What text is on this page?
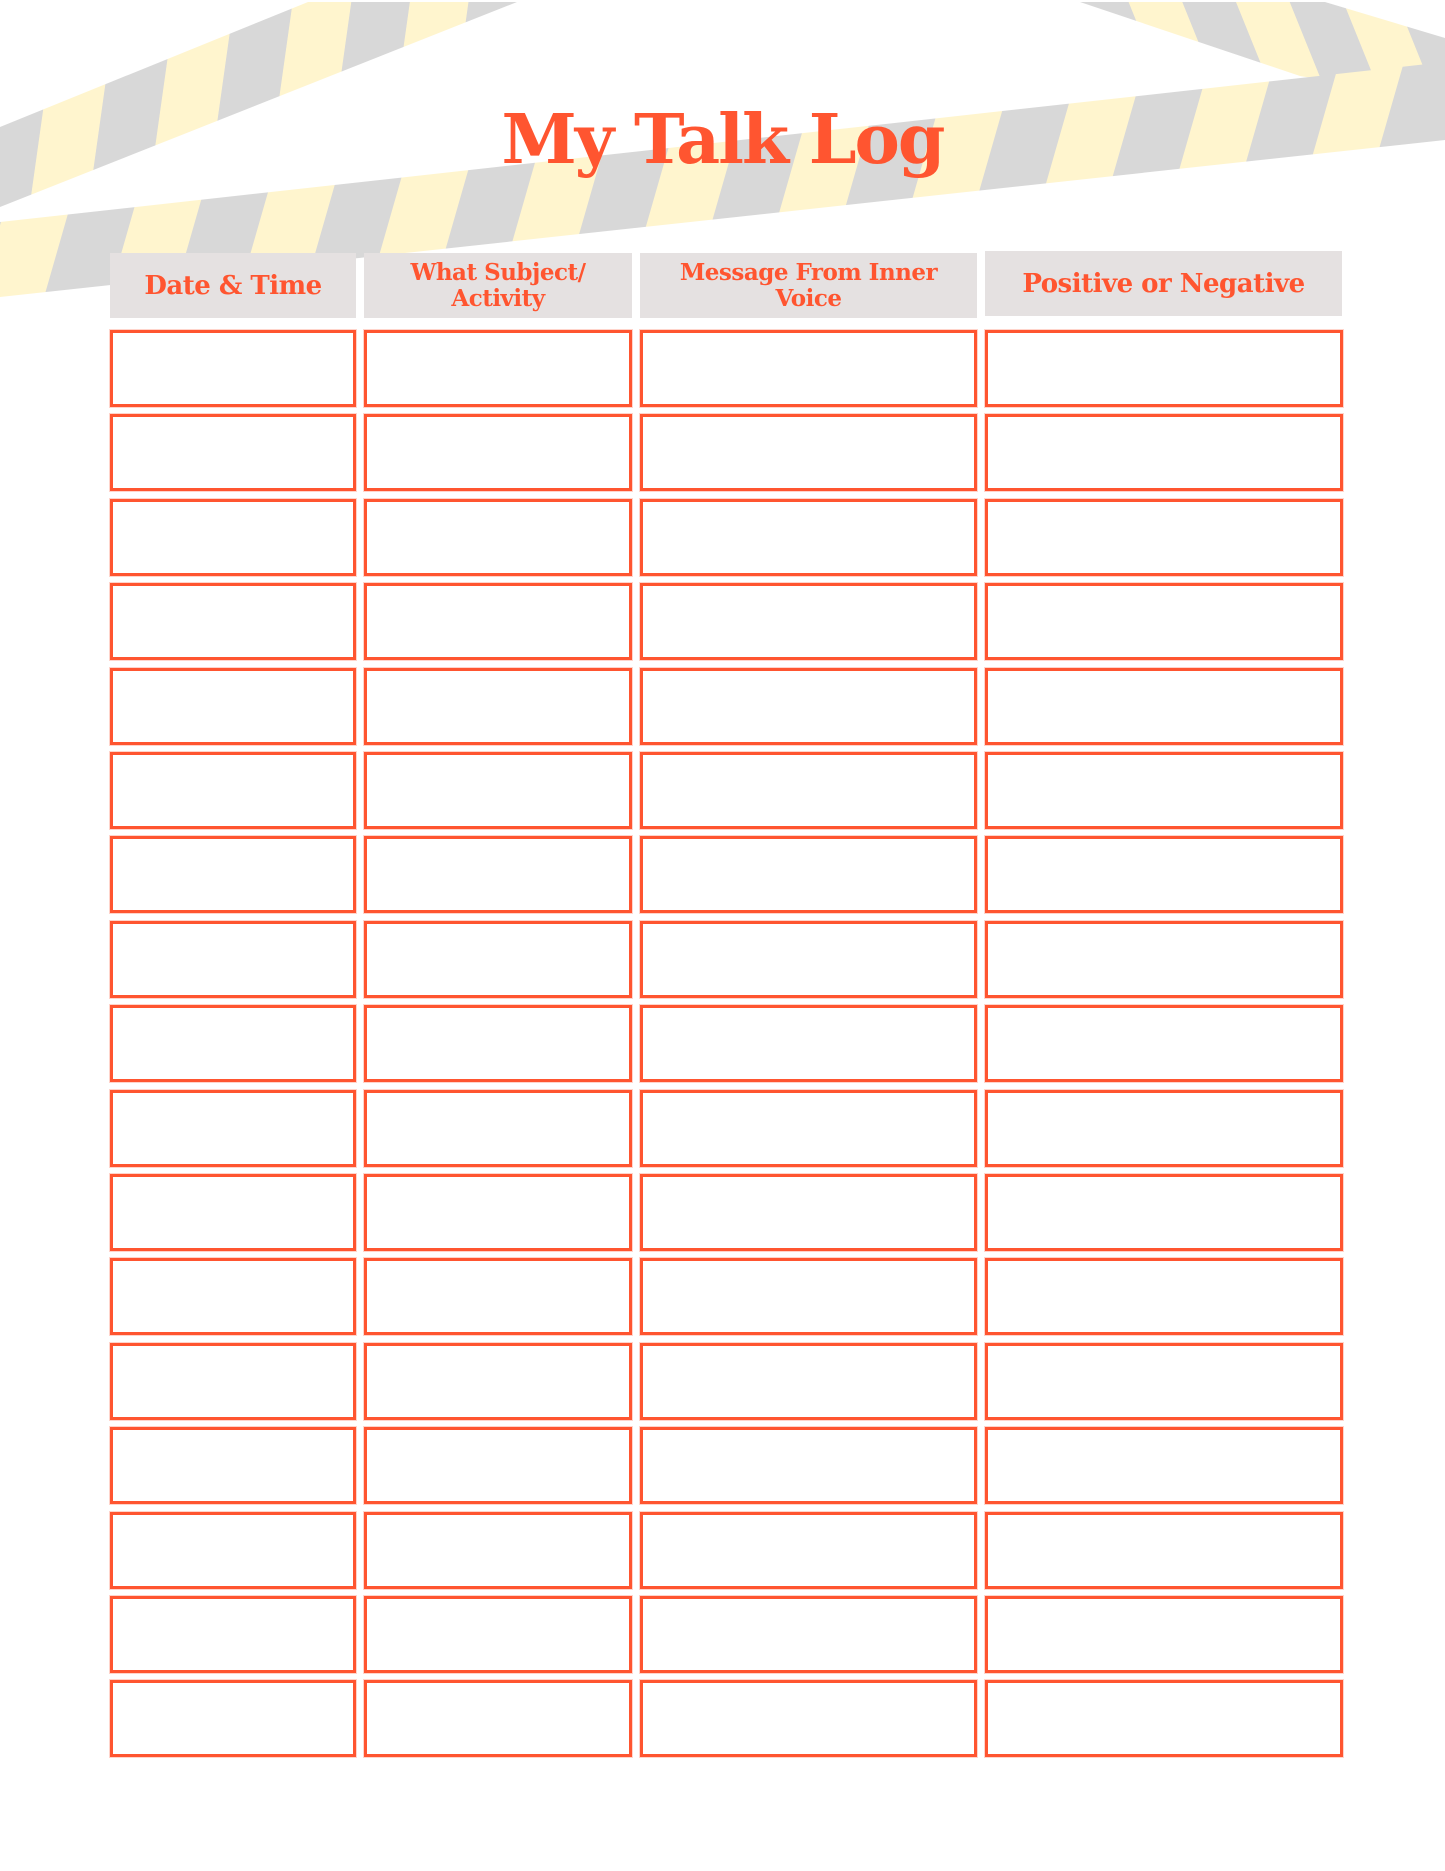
My Talk Log
Date & Time	What Subject/ Activity
Message From Inner Voice	Positive or Negative
